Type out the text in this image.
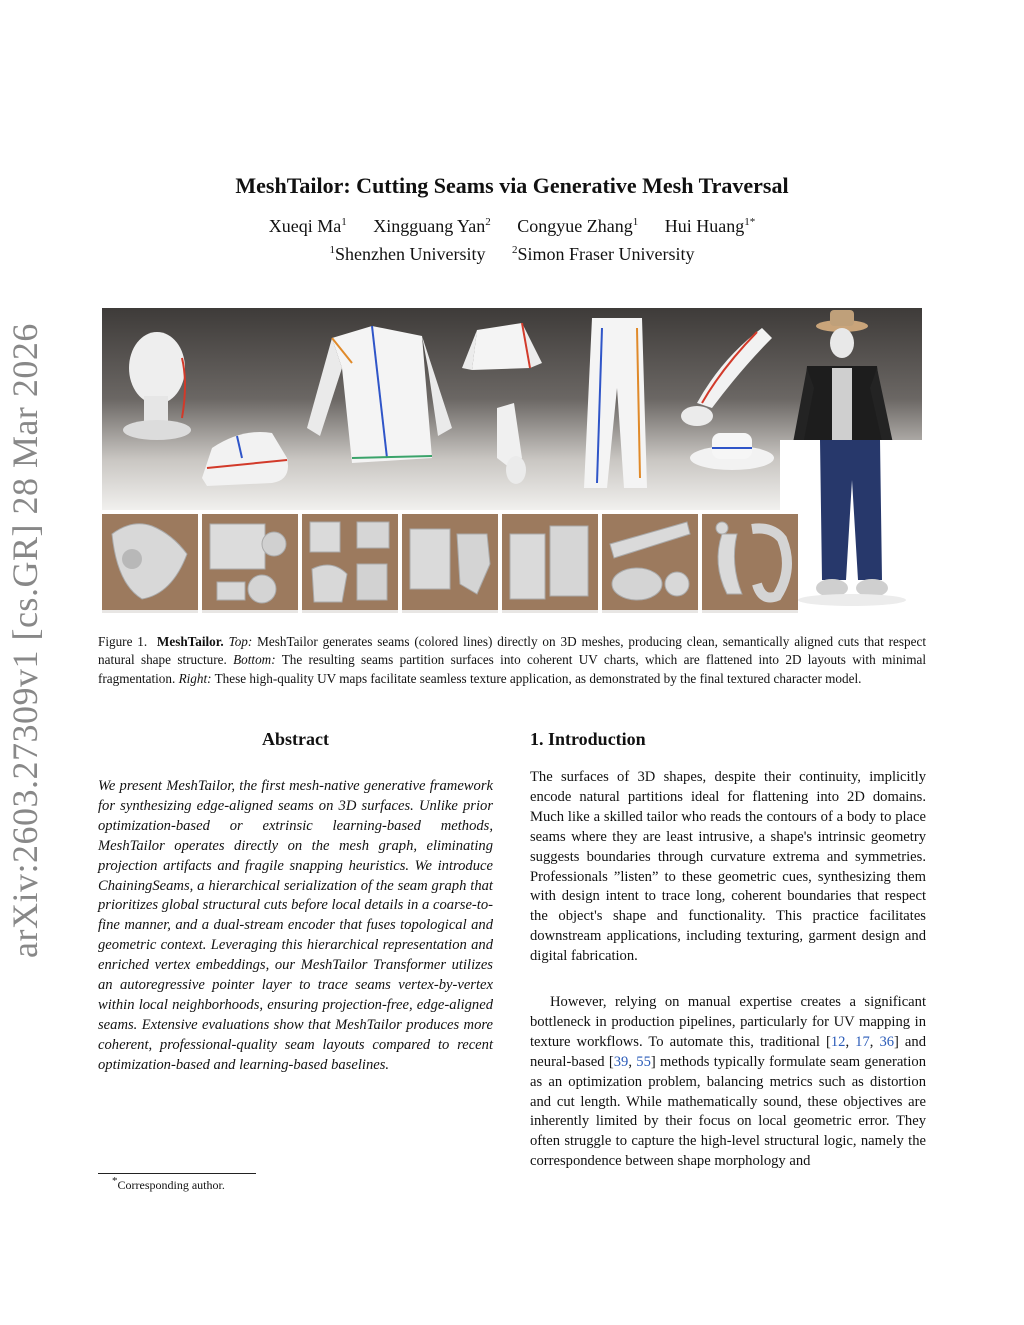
arXiv:2603.27309v1 [cs.GR] 28 Mar 2026
MeshTailor: Cutting Seams via Generative Mesh Traversal
Xueqi Ma$^1$ Xingguang Yan$^2$ Congyue Zhang$^1$ Hui Huang$^{1*}$
$^1$Shenzhen University $^2$Simon Fraser University
Figure 1. MeshTailor. Top: MeshTailor generates seams (colored lines) directly on 3D meshes, producing clean, semantically aligned cuts that respect natural shape structure. Bottom: The resulting seams partition surfaces into coherent UV charts, which are flattened into 2D layouts with minimal fragmentation. Right: These high-quality UV maps facilitate seamless texture application, as demonstrated by the final textured character model.
Abstract
We present MeshTailor, the first mesh-native generative framework for synthesizing edge-aligned seams on 3D surfaces. Unlike prior optimization-based or extrinsic learning-based methods, MeshTailor operates directly on the mesh graph, eliminating projection artifacts and fragile snapping heuristics. We introduce ChainingSeams, a hierarchical serialization of the seam graph that prioritizes global structural cuts before local details in a coarse-to-fine manner, and a dual-stream encoder that fuses topological and geometric context. Leveraging this hierarchical representation and enriched vertex embeddings, our MeshTailor Transformer utilizes an autoregressive pointer layer to trace seams vertex-by-vertex within local neighborhoods, ensuring projection-free, edge-aligned seams. Extensive evaluations show that MeshTailor produces more coherent, professional-quality seam layouts compared to recent optimization-based and learning-based baselines.
1. Introduction
The surfaces of 3D shapes, despite their continuity, implicitly encode natural partitions ideal for flattening into 2D domains. Much like a skilled tailor who reads the contours of a body to place seams where they are least intrusive, a shape's intrinsic geometry suggests boundaries through curvature extrema and symmetries. Professionals ”listen” to these geometric cues, synthesizing them with design intent to trace long, coherent boundaries that respect the object's shape and functionality. This practice facilitates downstream applications, including texturing, garment design and digital fabrication.
However, relying on manual expertise creates a significant bottleneck in production pipelines, particularly for UV mapping in texture workflows. To automate this, traditional [12, 17, 36] and neural-based [39, 55] methods typically formulate seam generation as an optimization problem, balancing metrics such as distortion and cut length. While mathematically sound, these objectives are inherently limited by their focus on local geometric error. They often struggle to capture the high-level structural logic, namely the correspondence between shape morphology and
*Corresponding author.
